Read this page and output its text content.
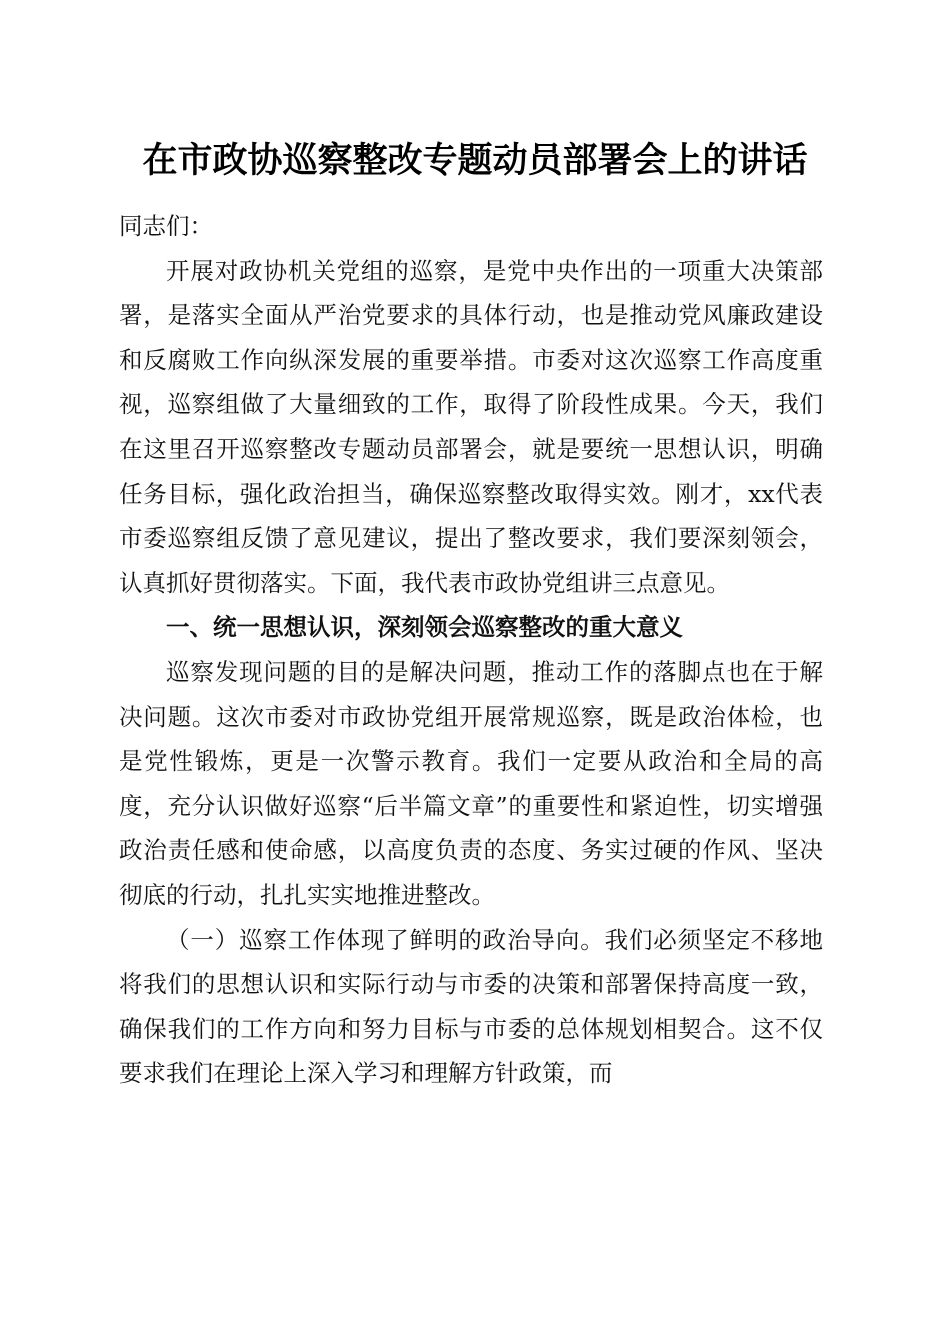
在市政协巡察整改专题动员部署会上的讲话

同志们：

开展对政协机关党组的巡察，是党中央作出的一项重大决策部署，是落实全面从严治党要求的具体行动，也是推动党风廉政建设和反腐败工作向纵深发展的重要举措。市委对这次巡察工作高度重视，巡察组做了大量细致的工作，取得了阶段性成果。今天，我们在这里召开巡察整改专题动员部署会，就是要统一思想认识，明确任务目标，强化政治担当，确保巡察整改取得实效。刚才，xx代表市委巡察组反馈了意见建议，提出了整改要求，我们要深刻领会，认真抓好贯彻落实。下面，我代表市政协党组讲三点意见。

一、统一思想认识，深刻领会巡察整改的重大意义

巡察发现问题的目的是解决问题，推动工作的落脚点也在于解决问题。这次市委对市政协党组开展常规巡察，既是政治体检，也是党性锻炼，更是一次警示教育。我们一定要从政治和全局的高度，充分认识做好巡察“后半篇文章”的重要性和紧迫性，切实增强政治责任感和使命感，以高度负责的态度、务实过硬的作风、坚决彻底的行动，扎扎实实地推进整改。

（一）巡察工作体现了鲜明的政治导向。我们必须坚定不移地将我们的思想认识和实际行动与市委的决策和部署保持高度一致，确保我们的工作方向和努力目标与市委的总体规划相契合。这不仅要求我们在理论上深入学习和理解方针政策，而
